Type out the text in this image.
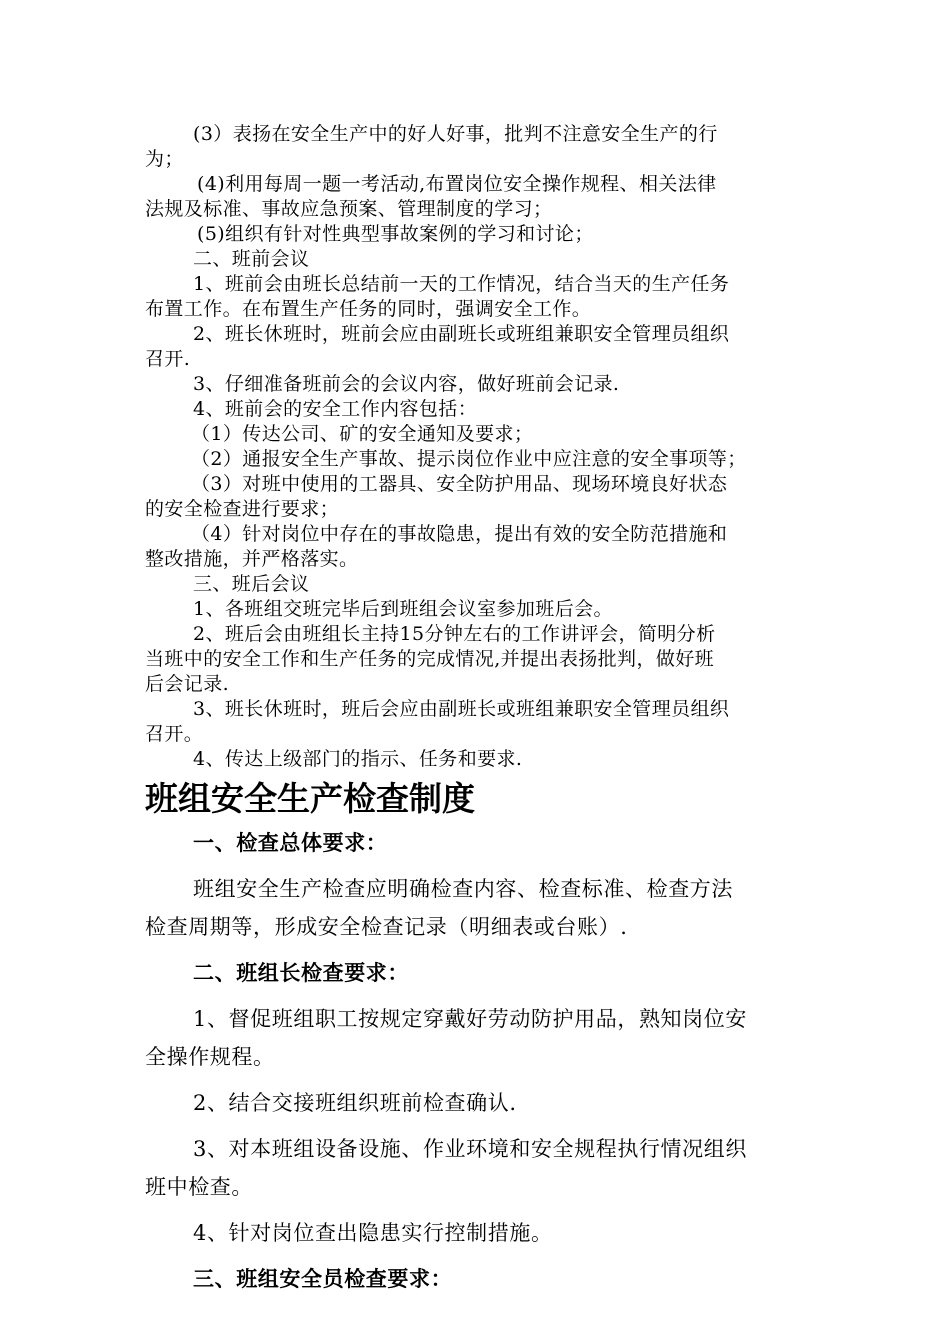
(3）表扬在安全生产中的好人好事，批判不注意安全生产的行
为；
(4)利用每周一题一考活动,布置岗位安全操作规程、相关法律
法规及标准、事故应急预案、管理制度的学习；
(5)组织有针对性典型事故案例的学习和讨论；
二、班前会议
1、班前会由班长总结前一天的工作情况，结合当天的生产任务
布置工作。在布置生产任务的同时，强调安全工作。
2、班长休班时，班前会应由副班长或班组兼职安全管理员组织
召开.
3、仔细准备班前会的会议内容，做好班前会记录.
4、班前会的安全工作内容包括：
（1）传达公司、矿的安全通知及要求；
（2）通报安全生产事故、提示岗位作业中应注意的安全事项等；
（3）对班中使用的工器具、安全防护用品、现场环境良好状态
的安全检查进行要求；
（4）针对岗位中存在的事故隐患，提出有效的安全防范措施和
整改措施，并严格落实。
三、班后会议
1、各班组交班完毕后到班组会议室参加班后会。
2、班后会由班组长主持15分钟左右的工作讲评会，简明分析
当班中的安全工作和生产任务的完成情况,并提出表扬批判，做好班
后会记录.
3、班长休班时，班后会应由副班长或班组兼职安全管理员组织
召开。
4、传达上级部门的指示、任务和要求.
班组安全生产检查制度
一、检查总体要求：
班组安全生产检查应明确检查内容、检查标准、检查方法
检查周期等，形成安全检查记录（明细表或台账）.
二、班组长检查要求：
1、督促班组职工按规定穿戴好劳动防护用品，熟知岗位安
全操作规程。
2、结合交接班组织班前检查确认.
3、对本班组设备设施、作业环境和安全规程执行情况组织
班中检查。
4、针对岗位查出隐患实行控制措施。
三、班组安全员检查要求：
